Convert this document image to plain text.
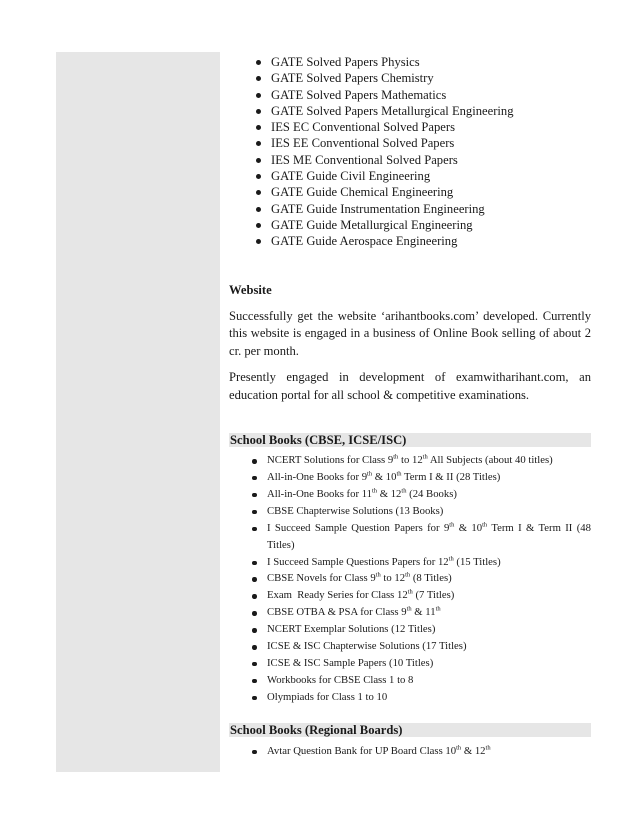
GATE Solved Papers Physics
GATE Solved Papers Chemistry
GATE Solved Papers Mathematics
GATE Solved Papers Metallurgical Engineering
IES EC Conventional Solved Papers
IES EE Conventional Solved Papers
IES ME Conventional Solved Papers
GATE Guide Civil Engineering
GATE Guide Chemical Engineering
GATE Guide Instrumentation Engineering
GATE Guide Metallurgical Engineering
GATE Guide Aerospace Engineering
Website
Successfully get the website ‘arihantbooks.com’ developed. Currently this website is engaged in a business of Online Book selling of about 2 cr. per month.
Presently engaged in development of examwitharihant.com, an education portal for all school & competitive examinations.
School Books (CBSE, ICSE/ISC)
NCERT Solutions for Class 9th to 12th All Subjects (about 40 titles)
All-in-One Books for 9th & 10th Term I & II (28 Titles)
All-in-One Books for 11th & 12th (24 Books)
CBSE Chapterwise Solutions (13 Books)
I Succeed Sample Question Papers for 9th & 10th Term I & Term II (48 Titles)
I Succeed Sample Questions Papers for 12th (15 Titles)
CBSE Novels for Class 9th to 12th (8 Titles)
Exam  Ready Series for Class 12th (7 Titles)
CBSE OTBA & PSA for Class 9th & 11th
NCERT Exemplar Solutions (12 Titles)
ICSE & ISC Chapterwise Solutions (17 Titles)
ICSE & ISC Sample Papers (10 Titles)
Workbooks for CBSE Class 1 to 8
Olympiads for Class 1 to 10
School Books (Regional Boards)
Avtar Question Bank for UP Board Class 10th & 12th
